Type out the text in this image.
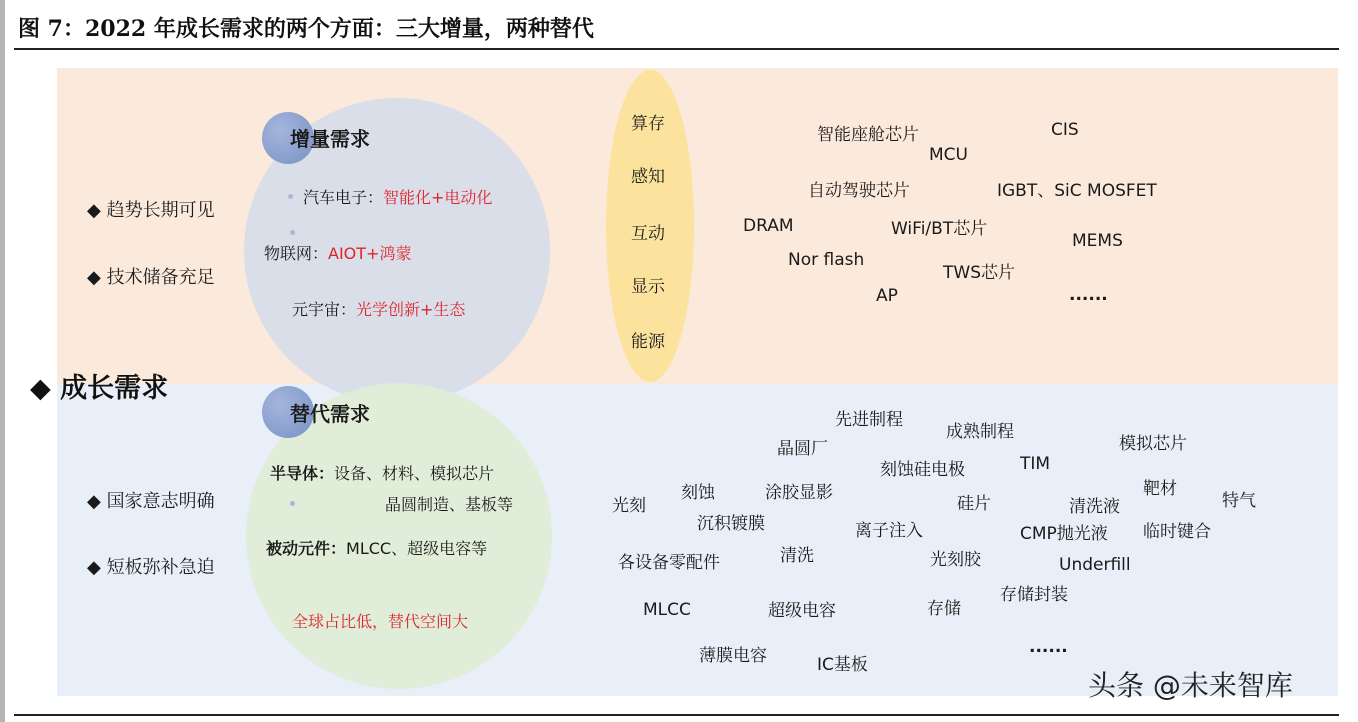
图 7：2022 年成长需求的两个方面：三大增量，两种替代
◆ 成长需求
增量需求
◆ 趋势长期可见
◆ 技术储备充足
汽车电子：智能化+电动化
物联网：AIOT+鸿蒙
元宇宙：光学创新+生态
算存
感知
互动
显示
能源
智能座舱芯片	CIS
MCU
自动驾驶芯片	IGBT、SiC MOSFET
DRAM	WiFi/BT芯片
MEMS
Nor flash
TWS芯片
AP	......
替代需求
◆ 国家意志明确
◆ 短板弥补急迫
半导体：设备、材料、模拟芯片
晶圆制造、基板等
被动元件：MLCC、超级电容等
全球占比低，替代空间大
先进制程
成熟制程
模拟芯片
晶圆厂
刻蚀硅电极	TIM
靶材
特气
光刻
刻蚀	涂胶显影
硅片	清洗液
沉积镀膜	离子注入	CMP抛光液 临时键合
各设备零配件	清洗	光刻胶	Underfill
存储封装
MLCC	超级电容	存储
薄膜电容	IC基板
......
头条 @未来智库
